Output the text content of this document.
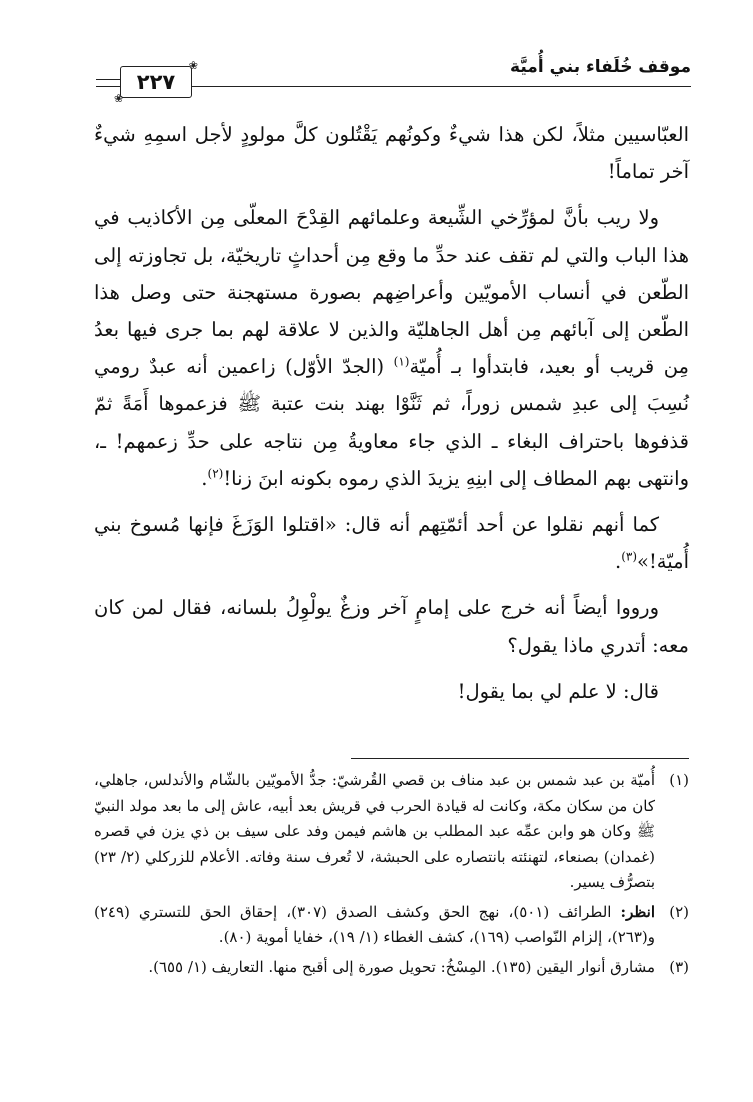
موقف خُلَفاء بني أُميَّة
❀
❀
٢٢٧

العبّاسيين مثلاً، لكن هذا شيءٌ وكونُهم يَقْتُلون كلَّ مولودٍ لأجل اسمِهِ شيءٌ آخر تماماً!

ولا ريب بأنَّ لمؤرِّخي الشِّيعة وعلمائهم القِدْحَ المعلّى مِن الأكاذيب في هذا الباب والتي لم تقف عند حدِّ ما وقع مِن أحداثٍ تاريخيّة، بل تجاوزته إلى الطّعن في أنساب الأمويّين وأعراضِهم بصورة مستهجنة حتى وصل هذا الطّعن إلى آبائهم مِن أهل الجاهليّة والذين لا علاقة لهم بما جرى فيها بعدُ مِن قريب أو بعيد، فابتدأوا بـ أُميّة$^{(١)}$ (الجدّ الأوّل) زاعمين أنه عبدٌ رومي نُسِبَ إلى عبدِ شمس زوراً، ثم ثَنَّوْا بهند بنت عتبة ﷺ فزعموها أَمَةً ثمّ قذفوها باحتراف البغاء ـ الذي جاء معاويةُ مِن نتاجه على حدِّ زعمهم! ـ، وانتهى بهم المطاف إلى ابنِهِ يزيدَ الذي رموه بكونه ابنَ زنا!$^{(٢)}$.

كما أنهم نقلوا عن أحد أئمّتِهم أنه قال: «اقتلوا الوَزَغَ فإنها مُسوخ بني أُميّة!»$^{(٣)}$.

ورووا أيضاً أنه خرج على إمامٍ آخر وزغٌ يولْوِلُ بلسانه، فقال لمن كان معه: أتدري ماذا يقول؟

قال: لا علم لي بما يقول!

(١)
أُميّة بن عبد شمس بن عبد مناف بن قصي القُرشيّ: جدُّ الأمويّين بالشّام والأندلس، جاهلي، كان من سكان مكة، وكانت له قيادة الحرب في قريش بعد أبيه، عاش إلى ما بعد مولد النبيّ ﷺ وكان هو وابن عمِّه عبد المطلب بن هاشم فيمن وفد على سيف بن ذي يزن في قصره (غمدان) بصنعاء، لتهنئته بانتصاره على الحبشة، لا تُعرف سنة وفاته. الأعلام للزركلي (٢/ ٢٣) بتصرُّف يسير.
(٢)
انظر: الطرائف (٥٠١)، نهج الحق وكشف الصدق (٣٠٧)، إحقاق الحق للتستري (٢٤٩) و(٢٦٣)، إلزام النّواصب (١٦٩)، كشف الغطاء (١/ ١٩)، خفايا أموية (٨٠).
(٣)
مشارق أنوار اليقين (١٣٥). المِسْخُ: تحويل صورة إلى أقبح منها. التعاريف (١/ ٦٥٥).
